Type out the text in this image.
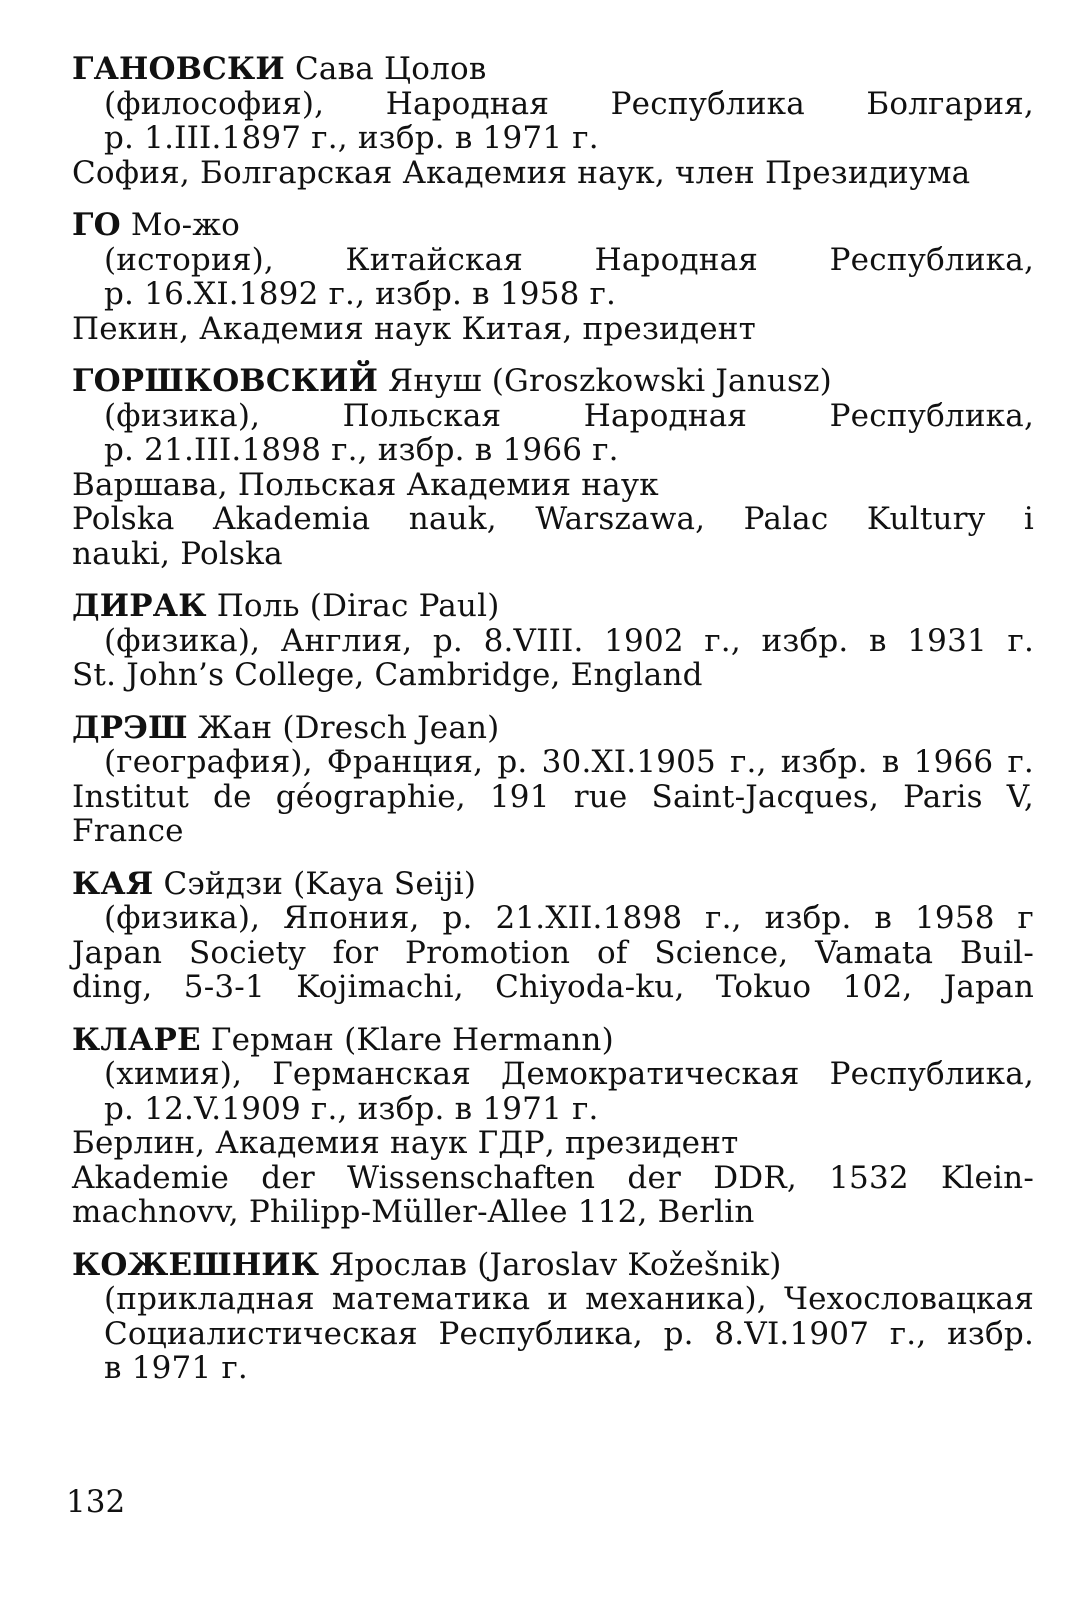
ГАНОВСКИ Сава Цолов
(философия), Народная Республика Болгария,
р. 1.III.1897 г., избр. в 1971 г.
София, Болгарская Академия наук, член Президиума
ГО Мо-жо
(история), Китайская Народная Республика,
р. 16.XI.1892 г., избр. в 1958 г.
Пекин, Академия наук Китая, президент
ГОРШКОВСКИЙ Януш (Groszkowski Janusz)
(физика), Польская Народная Республика,
р. 21.III.1898 г., избр. в 1966 г.
Варшава, Польская Академия наук
Polska Akademia nauk, Warszawa, Palac Kultury i
nauki, Polska
ДИРАК Поль (Dirac Paul)
(физика), Англия, р. 8.VIII. 1902 г., избр. в 1931 г.
St. John’s College, Cambridge, England
ДРЭШ Жан (Dresch Jean)
(география), Франция, р. 30.XI.1905 г., избр. в 1966 г.
Institut de géographie, 191 rue Saint-Jacques, Paris V,
France
КАЯ Сэйдзи (Kaya Seiji)
(физика), Япония, р. 21.XII.1898 г., избр. в 1958 г
Japan Society for Promotion of Science, Vamata Buil-
ding, 5-3-1 Kojimachi, Chiyoda-ku, Tokuo 102, Japan
КЛАРЕ Герман (Klare Hermann)
(химия), Германская Демократическая Республика,
р. 12.V.1909 г., избр. в 1971 г.
Берлин, Академия наук ГДР, президент
Akademie der Wissenschaften der DDR, 1532 Klein-
machnovv, Philipp-Müller-Allee 112, Berlin
КОЖЕШНИК Ярослав (Jaroslav Kožešnik)
(прикладная математика и механика), Чехословацкая
Социалистическая Республика, р. 8.VI.1907 г., избр.
в 1971 г.
132
